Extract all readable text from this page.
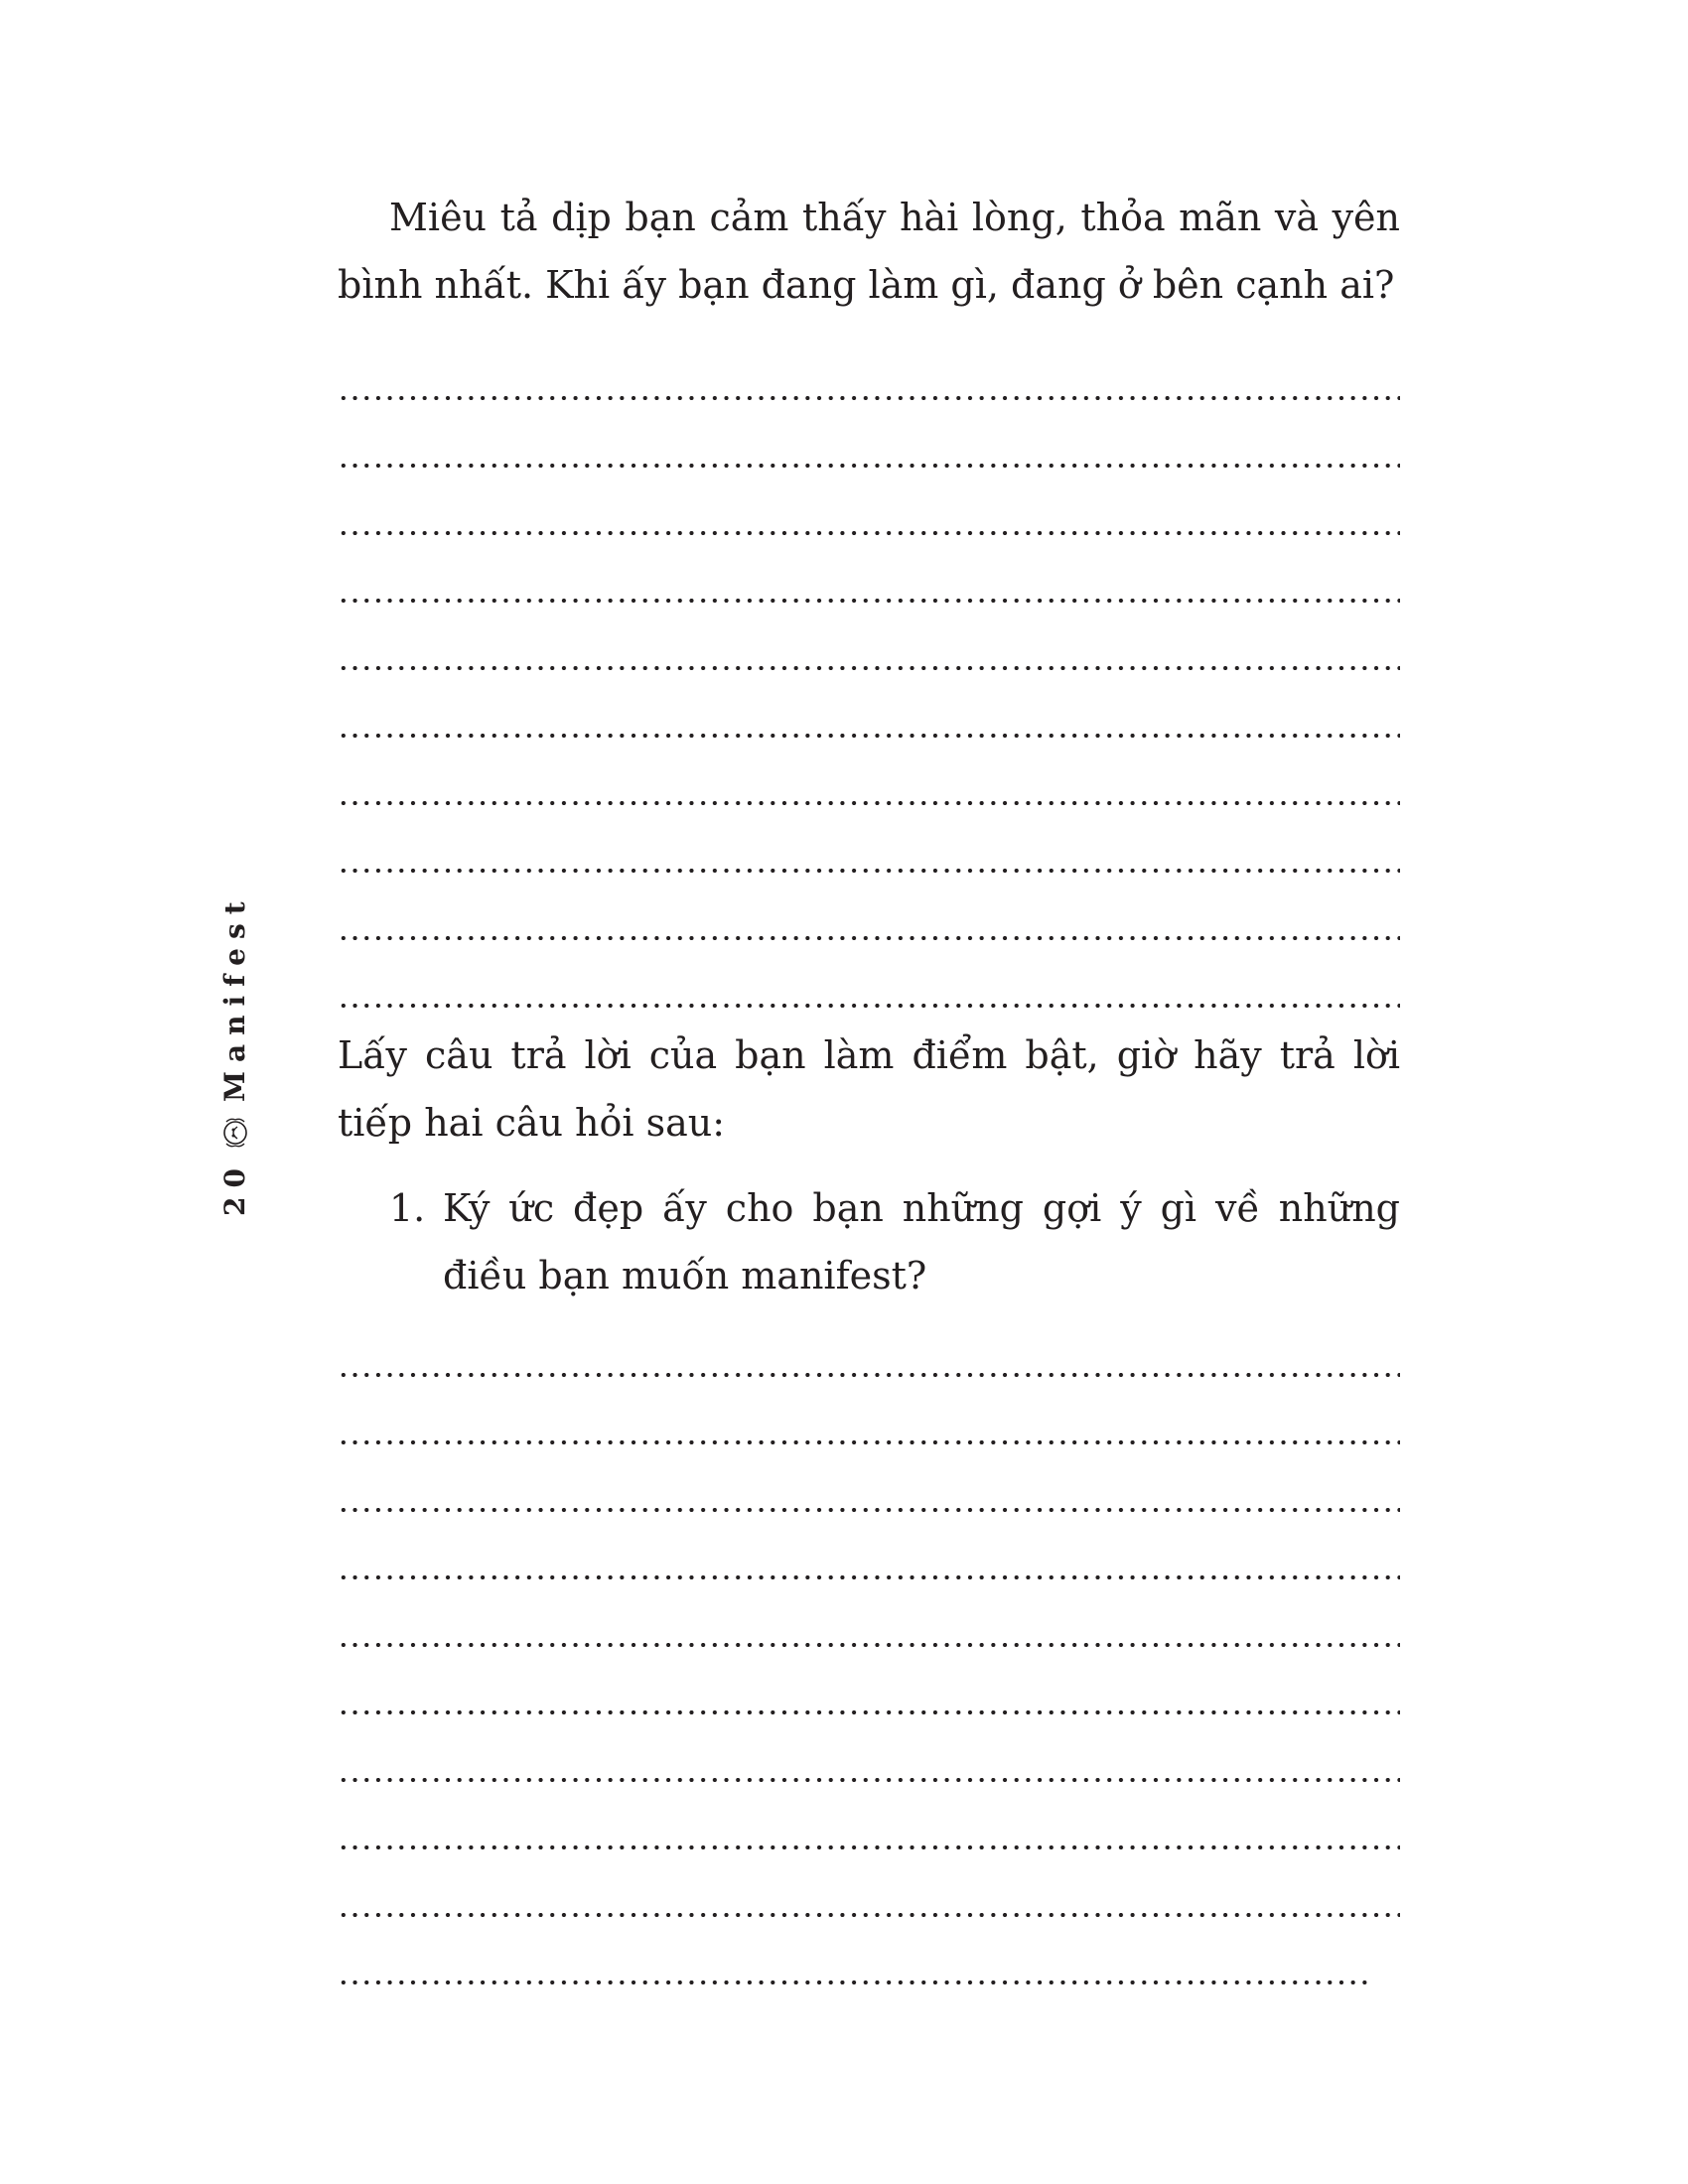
20
Manifest

Miêu tả dịp bạn cảm thấy hài lòng, thỏa mãn và yên bình nhất. Khi ấy bạn đang làm gì, đang ở bên cạnh ai?

Lấy câu trả lời của bạn làm điểm bật, giờ hãy trả lời tiếp hai câu hỏi sau:

1. Ký ức đẹp ấy cho bạn những gợi ý gì về những điều bạn muốn manifest?
